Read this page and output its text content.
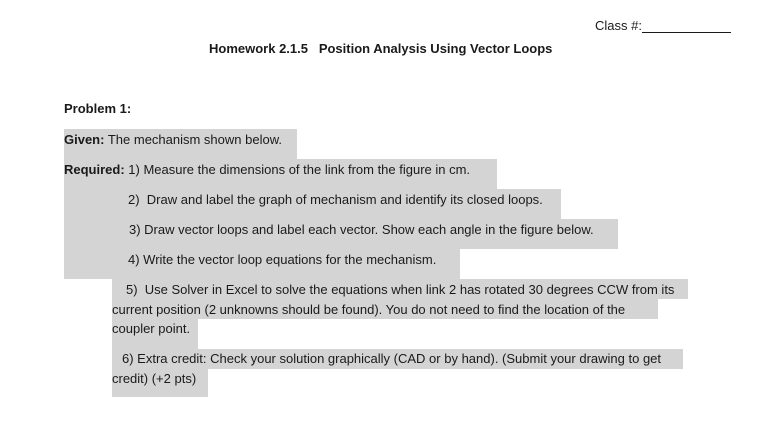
Class #:
Homework 2.1.5   Position Analysis Using Vector Loops
Problem 1:
Given: The mechanism shown below.
Required: 1) Measure the dimensions of the link from the figure in cm.
2)  Draw and label the graph of mechanism and identify its closed loops.
3) Draw vector loops and label each vector. Show each angle in the figure below.
4) Write the vector loop equations for the mechanism.
5)  Use Solver in Excel to solve the equations when link 2 has rotated 30 degrees CCW from its
current position (2 unknowns should be found). You do not need to find the location of the
coupler point.
6) Extra credit: Check your solution graphically (CAD or by hand). (Submit your drawing to get
credit) (+2 pts)
